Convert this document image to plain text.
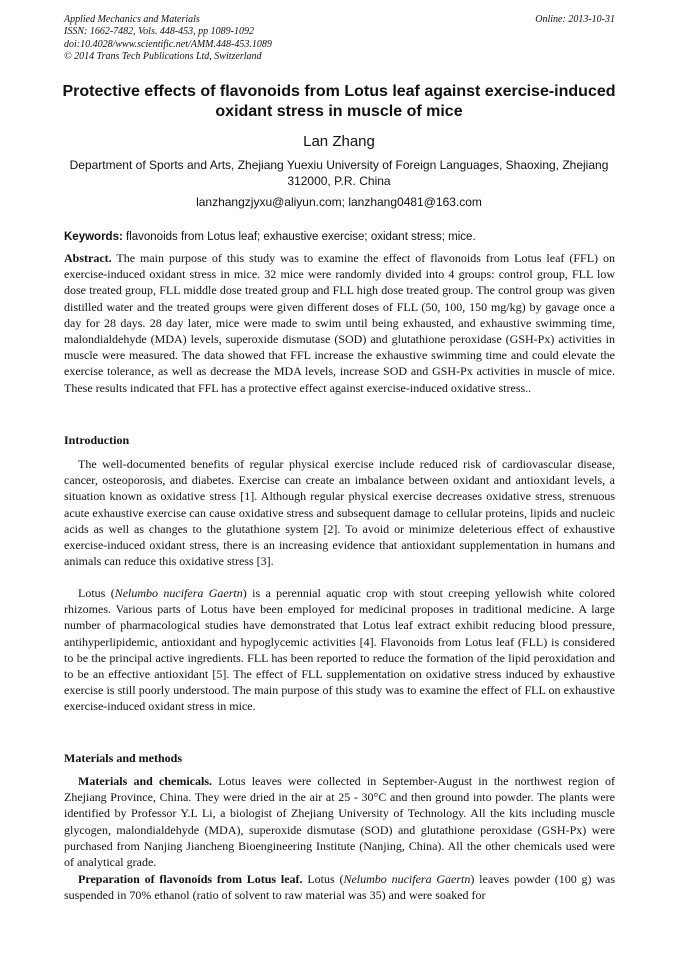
Applied Mechanics and Materials
ISSN: 1662-7482, Vols. 448-453, pp 1089-1092
doi:10.4028/www.scientific.net/AMM.448-453.1089
© 2014 Trans Tech Publications Ltd, Switzerland
Online: 2013-10-31
Protective effects of flavonoids from Lotus leaf against exercise-induced oxidant stress in muscle of mice
Lan Zhang
Department of Sports and Arts, Zhejiang Yuexiu University of Foreign Languages, Shaoxing, Zhejiang 312000, P.R. China
lanzhangzjyxu@aliyun.com; lanzhang0481@163.com
Keywords: flavonoids from Lotus leaf; exhaustive exercise; oxidant stress; mice.
Abstract. The main purpose of this study was to examine the effect of flavonoids from Lotus leaf (FFL) on exercise-induced oxidant stress in mice. 32 mice were randomly divided into 4 groups: control group, FLL low dose treated group, FLL middle dose treated group and FLL high dose treated group. The control group was given distilled water and the treated groups were given different doses of FLL (50, 100, 150 mg/kg) by gavage once a day for 28 days. 28 day later, mice were made to swim until being exhausted, and exhaustive swimming time, malondialdehyde (MDA) levels, superoxide dismutase (SOD) and glutathione peroxidase (GSH-Px) activities in muscle were measured. The data showed that FFL increase the exhaustive swimming time and could elevate the exercise tolerance, as well as decrease the MDA levels, increase SOD and GSH-Px activities in muscle of mice. These results indicated that FFL has a protective effect against exercise-induced oxidative stress..
Introduction
The well-documented benefits of regular physical exercise include reduced risk of cardiovascular disease, cancer, osteoporosis, and diabetes. Exercise can create an imbalance between oxidant and antioxidant levels, a situation known as oxidative stress [1]. Although regular physical exercise decreases oxidative stress, strenuous acute exhaustive exercise can cause oxidative stress and subsequent damage to cellular proteins, lipids and nucleic acids as well as changes to the glutathione system [2]. To avoid or minimize deleterious effect of exhaustive exercise-induced oxidant stress, there is an increasing evidence that antioxidant supplementation in humans and animals can reduce this oxidative stress [3].
Lotus (Nelumbo nucifera Gaertn) is a perennial aquatic crop with stout creeping yellowish white colored rhizomes. Various parts of Lotus have been employed for medicinal proposes in traditional medicine. A large number of pharmacological studies have demonstrated that Lotus leaf extract exhibit reducing blood pressure, antihyperlipidemic, antioxidant and hypoglycemic activities [4]. Flavonoids from Lotus leaf (FLL) is considered to be the principal active ingredients. FLL has been reported to reduce the formation of the lipid peroxidation and to be an effective antioxidant [5]. The effect of FLL supplementation on oxidative stress induced by exhaustive exercise is still poorly understood. The main purpose of this study was to examine the effect of FLL on exhaustive exercise-induced oxidant stress in mice.
Materials and methods
Materials and chemicals. Lotus leaves were collected in September-August in the northwest region of Zhejiang Province, China. They were dried in the air at 25 - 30°C and then ground into powder. The plants were identified by Professor Y.L Li, a biologist of Zhejiang University of Technology. All the kits including muscle glycogen, malondialdehyde (MDA), superoxide dismutase (SOD) and glutathione peroxidase (GSH-Px) were purchased from Nanjing Jiancheng Bioengineering Institute (Nanjing, China). All the other chemicals used were of analytical grade.
Preparation of flavonoids from Lotus leaf. Lotus (Nelumbo nucifera Gaertn) leaves powder (100 g) was suspended in 70% ethanol (ratio of solvent to raw material was 35) and were soaked for
